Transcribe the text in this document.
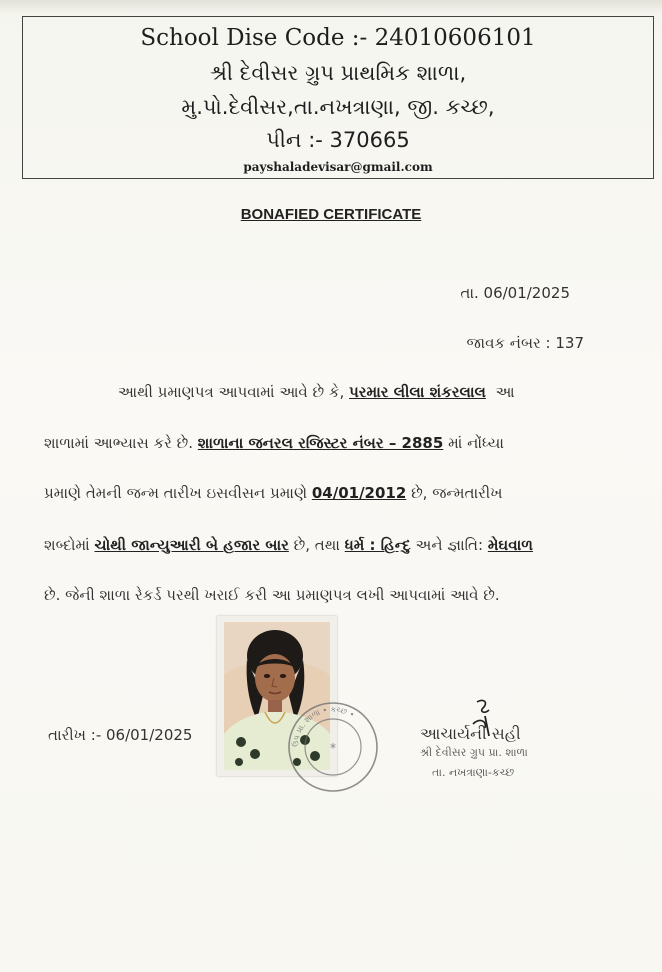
School Dise Code :- 24010606101
શ્રી દેવીસર ગ્રુપ પ્રાથમિક શાળા,
મુ.પો.દેવીસર,તા.નખત્રાણા, જી. કચ્છ,
પીન :- 370665
payshaladevisar@gmail.com
BONAFIED CERTIFICATE
તા. 06/01/2025
જાવક નંબર : 137
આથી પ્રમાણપત્ર આપવામાં આવે છે કે, પરમાર લીલા શંકરલાલ આ
શાળામાં આભ્યાસ કરે છે. શાળાના જનરલ રજિસ્ટર નંબર – 2885 માં નોંધ્યા
પ્રમાણે તેમની જન્મ તારીખ ઇસવીસન પ્રમાણે 04/01/2012 છે, જન્મતારીખ
શબ્દોમાં ચોથી જાન્યુઆરી બે હજાર બાર છે, તથા ધર્મ : હિન્દુ અને જ્ઞાતિ: મેઘવાળ
છે. જેની શાળા રેકર્ડ પરથી ખરાઈ કરી આ પ્રમાણપત્ર લખી આપવામાં આવે છે.
તારીખ :- 06/01/2025	ઉપ પ્રા. શાળા • કચ્છ •
*
આચાર્યની સહી
શ્રી દેવીસર ગ્રુપ પ્રા. શાળા
તા. નખત્રાણા-કચ્છ
